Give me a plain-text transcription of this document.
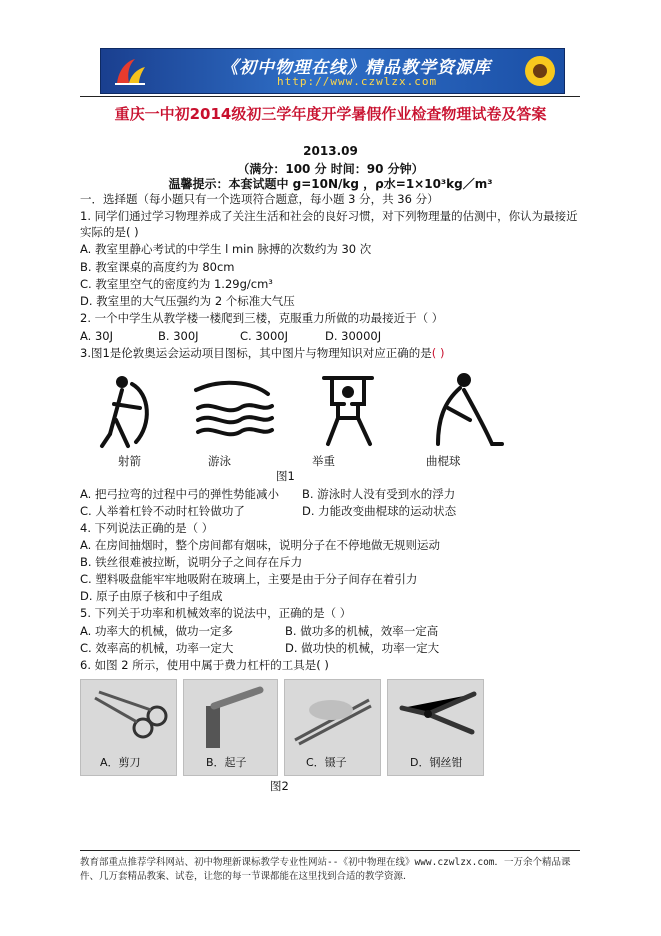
《初中物理在线》精品教学资源库
http://www.czwlzx.com
重庆一中初2014级初三学年度开学暑假作业检查物理试卷及答案
2013.09
（满分：100 分 时间：90 分钟）
温馨提示：本套试题中 g=10N/kg ，ρ水=1×10³kg／m³
一．选择题（每小题只有一个选项符合题意，每小题 3 分，共 36 分）
1. 同学们通过学习物理养成了关注生活和社会的良好习惯，对下列物理量的估测中，你认为最接近
实际的是( )
A. 教室里静心考试的中学生 l min 脉搏的次数约为 30 次
B. 教室课桌的高度约为 80cm
C. 教室里空气的密度约为 1.29g/cm³
D. 教室里的大气压强约为 2 个标准大气压
2. 一个中学生从教学楼一楼爬到三楼，克服重力所做的功最接近于（ ）
A. 30J	B. 300J	C. 3000J	D. 30000J
3.图1是伦敦奥运会运动项目图标，其中图片与物理知识对应正确的是( )
射箭	游泳	举重	曲棍球
图1
A. 把弓拉弯的过程中弓的弹性势能减小 B. 游泳时人没有受到水的浮力
C. 人举着杠铃不动时杠铃做功了	D. 力能改变曲棍球的运动状态
4. 下列说法正确的是（ ）
A. 在房间抽烟时，整个房间都有烟味，说明分子在不停地做无规则运动
B. 铁丝很难被拉断，说明分子之间存在斥力
C. 塑料吸盘能牢牢地吸附在玻璃上，主要是由于分子间存在着引力
D. 原子由原子核和中子组成
5. 下列关于功率和机械效率的说法中，正确的是（ ）
A. 功率大的机械，做功一定多	B. 做功多的机械，效率一定高
C. 效率高的机械，功率一定大	D. 做功快的机械，功率一定大
6. 如图 2 所示，使用中属于费力杠杆的工具是( )
A．剪刀	B．起子	C．镊子	D．钢丝钳
图2
教育部重点推荐学科网站、初中物理新课标教学专业性网站--《初中物理在线》www.czwlzx.com．一万余个精品课
件、几万套精品教案、试卷，让您的每一节课都能在这里找到合适的教学资源．
